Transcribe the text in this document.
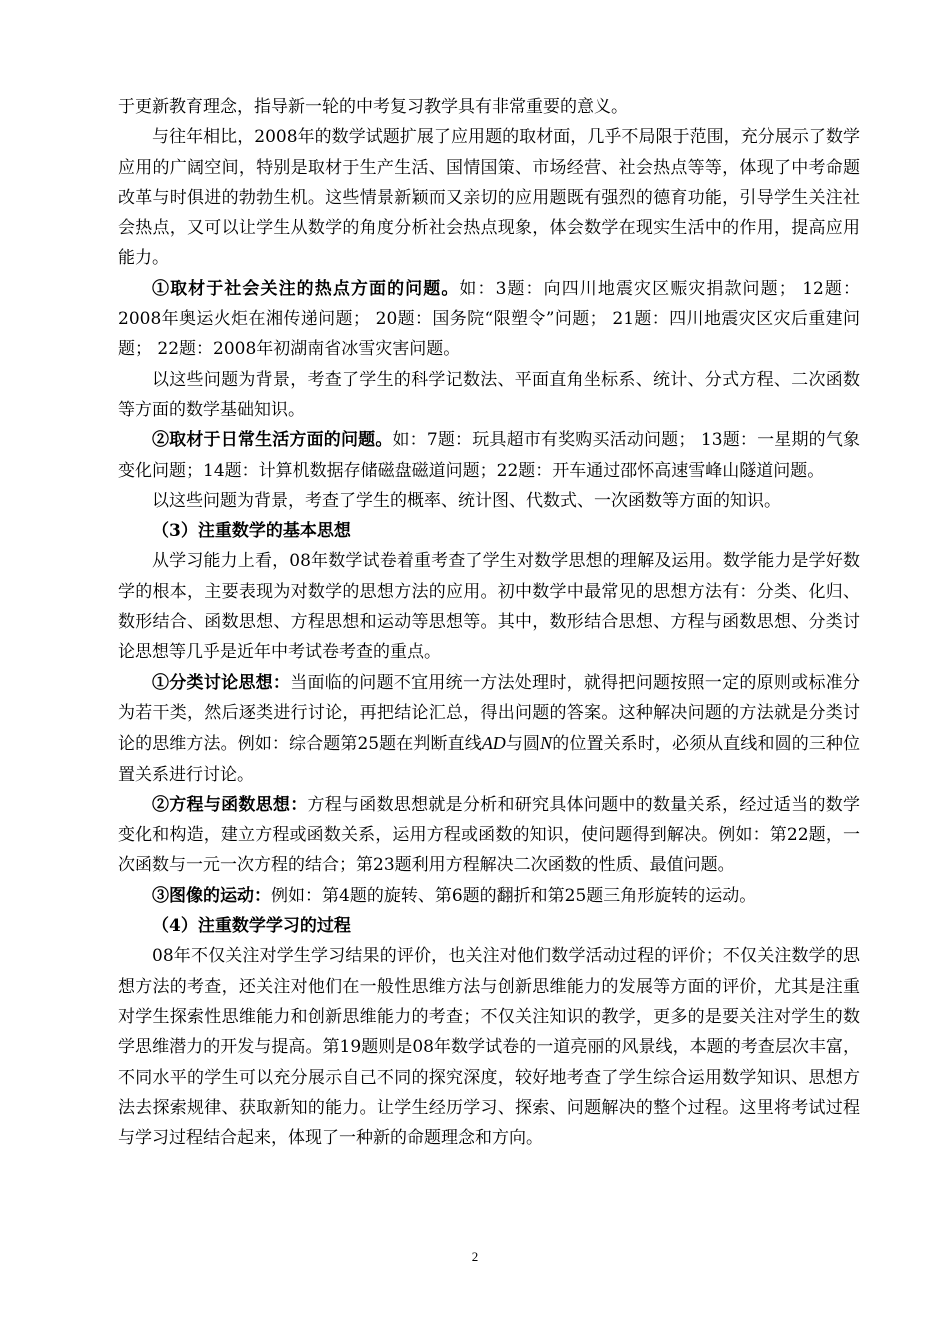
于更新教育理念，指导新一轮的中考复习教学具有非常重要的意义。

与往年相比，2008年的数学试题扩展了应用题的取材面，几乎不局限于范围，充分展示了数学应用的广阔空间，特别是取材于生产生活、国情国策、市场经营、社会热点等等，体现了中考命题改革与时俱进的勃勃生机。这些情景新颖而又亲切的应用题既有强烈的德育功能，引导学生关注社会热点，又可以让学生从数学的角度分析社会热点现象，体会数学在现实生活中的作用，提高应用能力。

①取材于社会关注的热点方面的问题。如：3题：向四川地震灾区赈灾捐款问题； 12题：2008年奥运火炬在湘传递问题； 20题：国务院“限塑令”问题； 21题：四川地震灾区灾后重建问题； 22题：2008年初湖南省冰雪灾害问题。

以这些问题为背景，考查了学生的科学记数法、平面直角坐标系、统计、分式方程、二次函数等方面的数学基础知识。

②取材于日常生活方面的问题。如：7题：玩具超市有奖购买活动问题； 13题：一星期的气象变化问题；14题：计算机数据存储磁盘磁道问题；22题：开车通过邵怀高速雪峰山隧道问题。

以这些问题为背景，考查了学生的概率、统计图、代数式、一次函数等方面的知识。

（3）注重数学的基本思想

从学习能力上看，08年数学试卷着重考查了学生对数学思想的理解及运用。数学能力是学好数学的根本，主要表现为对数学的思想方法的应用。初中数学中最常见的思想方法有：分类、化归、数形结合、函数思想、方程思想和运动等思想等。其中，数形结合思想、方程与函数思想、分类讨论思想等几乎是近年中考试卷考查的重点。

①分类讨论思想：当面临的问题不宜用统一方法处理时，就得把问题按照一定的原则或标准分为若干类，然后逐类进行讨论，再把结论汇总，得出问题的答案。这种解决问题的方法就是分类讨论的思维方法。例如：综合题第25题在判断直线AD与圆N的位置关系时，必须从直线和圆的三种位置关系进行讨论。

②方程与函数思想：方程与函数思想就是分析和研究具体问题中的数量关系，经过适当的数学变化和构造，建立方程或函数关系，运用方程或函数的知识，使问题得到解决。例如：第22题，一次函数与一元一次方程的结合；第23题利用方程解决二次函数的性质、最值问题。

③图像的运动：例如：第4题的旋转、第6题的翻折和第25题三角形旋转的运动。

（4）注重数学学习的过程

08年不仅关注对学生学习结果的评价，也关注对他们数学活动过程的评价；不仅关注数学的思想方法的考查，还关注对他们在一般性思维方法与创新思维能力的发展等方面的评价，尤其是注重对学生探索性思维能力和创新思维能力的考查；不仅关注知识的教学，更多的是要关注对学生的数学思维潜力的开发与提高。第19题则是08年数学试卷的一道亮丽的风景线，本题的考查层次丰富，不同水平的学生可以充分展示自己不同的探究深度，较好地考查了学生综合运用数学知识、思想方法去探索规律、获取新知的能力。让学生经历学习、探索、问题解决的整个过程。这里将考试过程与学习过程结合起来，体现了一种新的命题理念和方向。

2
